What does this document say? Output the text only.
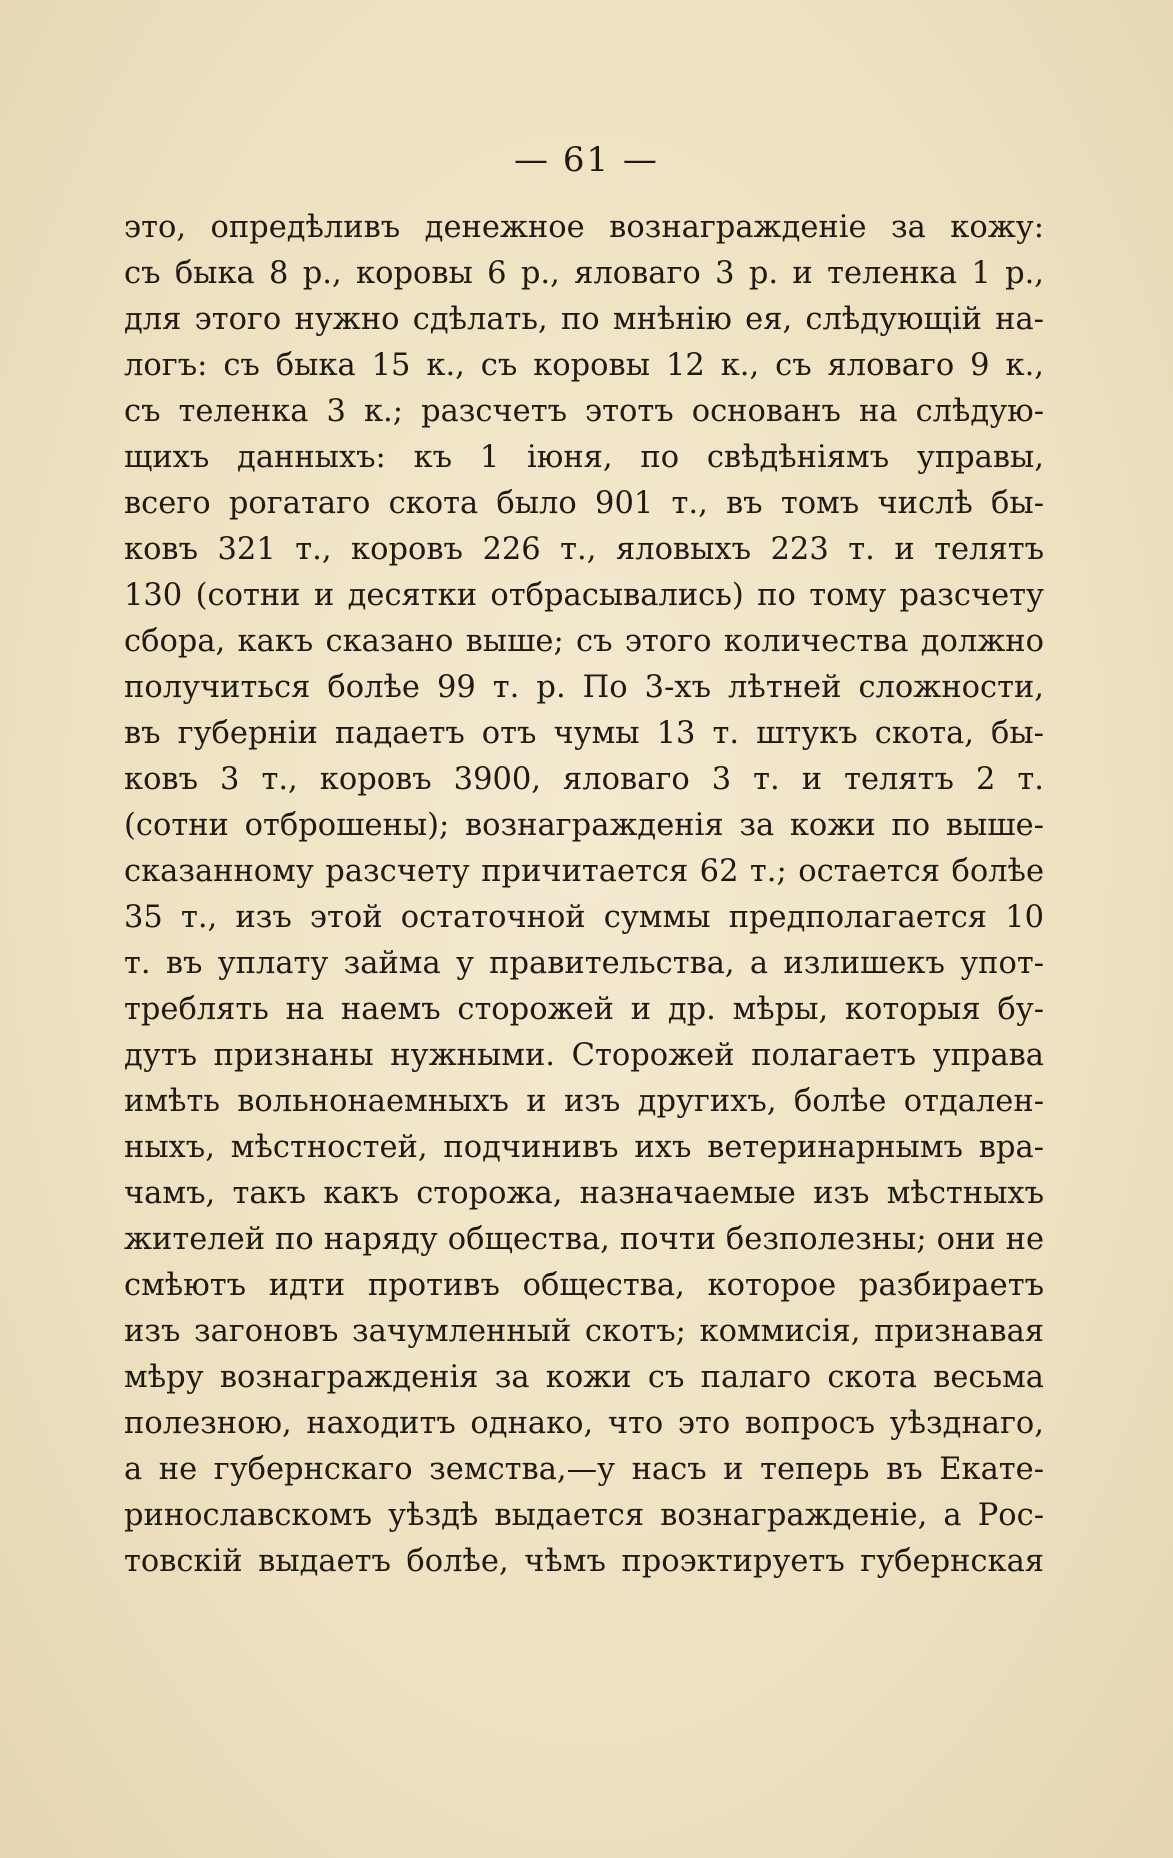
— 61 —
это, опредѣливъ денежное вознагражденіе за кожу:
съ быка 8 р., коровы 6 р., яловаго 3 р. и теленка 1 р.,
для этого нужно сдѣлать, по мнѣнію ея, слѣдующій на-
логъ: съ быка 15 к., съ коровы 12 к., съ яловаго 9 к.,
съ теленка 3 к.; разсчетъ этотъ основанъ на слѣдую-
щихъ данныхъ: къ 1 іюня, по свѣдѣніямъ управы,
всего рогатаго скота было 901 т., въ томъ числѣ бы-
ковъ 321 т., коровъ 226 т., яловыхъ 223 т. и телятъ
130 (сотни и десятки отбрасывались) по тому разсчету
сбора, какъ сказано выше; съ этого количества должно
получиться болѣе 99 т. р. По 3-хъ лѣтней сложности,
въ губерніи падаетъ отъ чумы 13 т. штукъ скота, бы-
ковъ 3 т., коровъ 3900, яловаго 3 т. и телятъ 2 т.
(сотни отброшены); вознагражденія за кожи по выше-
сказанному разсчету причитается 62 т.; остается болѣе
35 т., изъ этой остаточной суммы предполагается 10
т. въ уплату займа у правительства, а излишекъ упот-
треблять на наемъ сторожей и др. мѣры, которыя бу-
дутъ признаны нужными. Сторожей полагаетъ управа
имѣть вольнонаемныхъ и изъ другихъ, болѣе отдален-
ныхъ, мѣстностей, подчинивъ ихъ ветеринарнымъ вра-
чамъ, такъ какъ сторожа, назначаемые изъ мѣстныхъ
жителей по наряду общества, почти безполезны; они не
смѣютъ идти противъ общества, которое разбираетъ
изъ загоновъ зачумленный скотъ; коммисія, признавая
мѣру вознагражденія за кожи съ палаго скота весьма
полезною, находитъ однако, что это вопросъ уѣзднаго,
а не губернскаго земства,—у насъ и теперь въ Екате-
ринославскомъ уѣздѣ выдается вознагражденіе, а Рос-
товскій выдаетъ болѣе, чѣмъ проэктируетъ губернская
